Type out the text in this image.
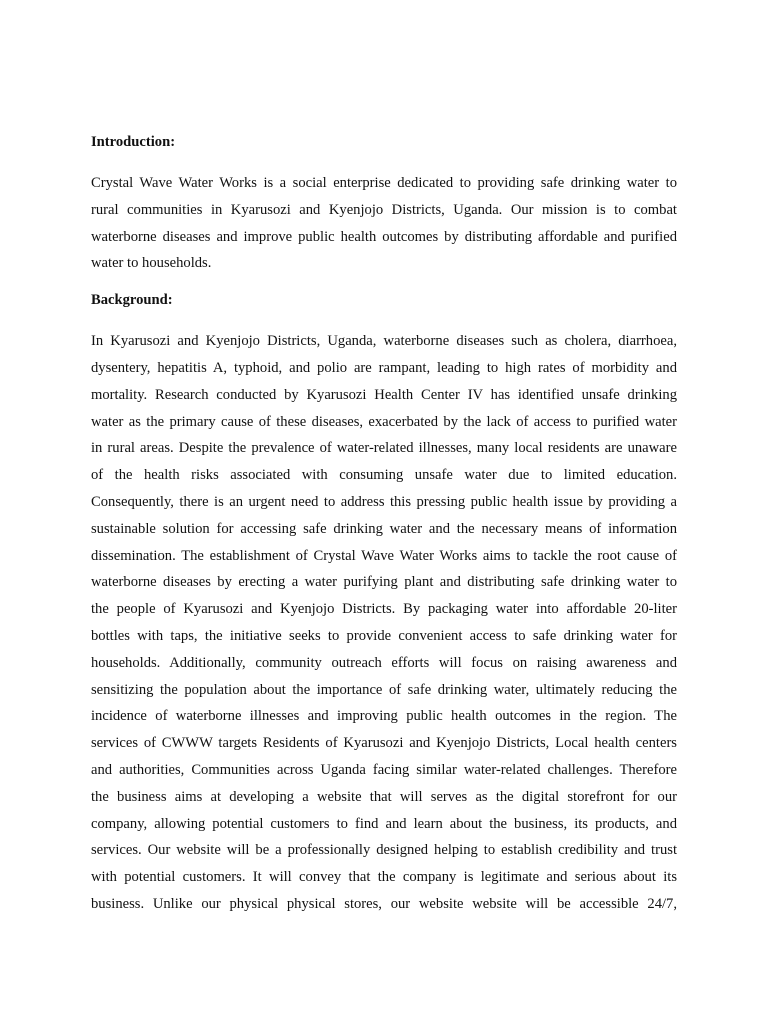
Introduction:
Crystal Wave Water Works is a social enterprise dedicated to providing safe drinking water to
rural communities in Kyarusozi and Kyenjojo Districts, Uganda. Our mission is to combat
waterborne diseases and improve public health outcomes by distributing affordable and purified
water to households.
Background:
In Kyarusozi and Kyenjojo Districts, Uganda, waterborne diseases such as cholera, diarrhoea,
dysentery, hepatitis A, typhoid, and polio are rampant, leading to high rates of morbidity and
mortality. Research conducted by Kyarusozi Health Center IV has identified unsafe drinking
water as the primary cause of these diseases, exacerbated by the lack of access to purified water
in rural areas. Despite the prevalence of water-related illnesses, many local residents are unaware
of the health risks associated with consuming unsafe water due to limited education.
Consequently, there is an urgent need to address this pressing public health issue by providing a
sustainable solution for accessing safe drinking water and the necessary means of information
dissemination. The establishment of Crystal Wave Water Works aims to tackle the root cause of
waterborne diseases by erecting a water purifying plant and distributing safe drinking water to
the people of Kyarusozi and Kyenjojo Districts. By packaging water into affordable 20-liter
bottles with taps, the initiative seeks to provide convenient access to safe drinking water for
households. Additionally, community outreach efforts will focus on raising awareness and
sensitizing the population about the importance of safe drinking water, ultimately reducing the
incidence of waterborne illnesses and improving public health outcomes in the region. The
services of CWWW targets Residents of Kyarusozi and Kyenjojo Districts, Local health centers
and authorities, Communities across Uganda facing similar water-related challenges. Therefore
the business aims at developing a website that will serves as the digital storefront for our
company, allowing potential customers to find and learn about the business, its products, and
services. Our website will be a professionally designed helping to establish credibility and trust
with potential customers. It will convey that the company is legitimate and serious about its
business. Unlike our physical physical stores, our website website will be accessible 24/7,
